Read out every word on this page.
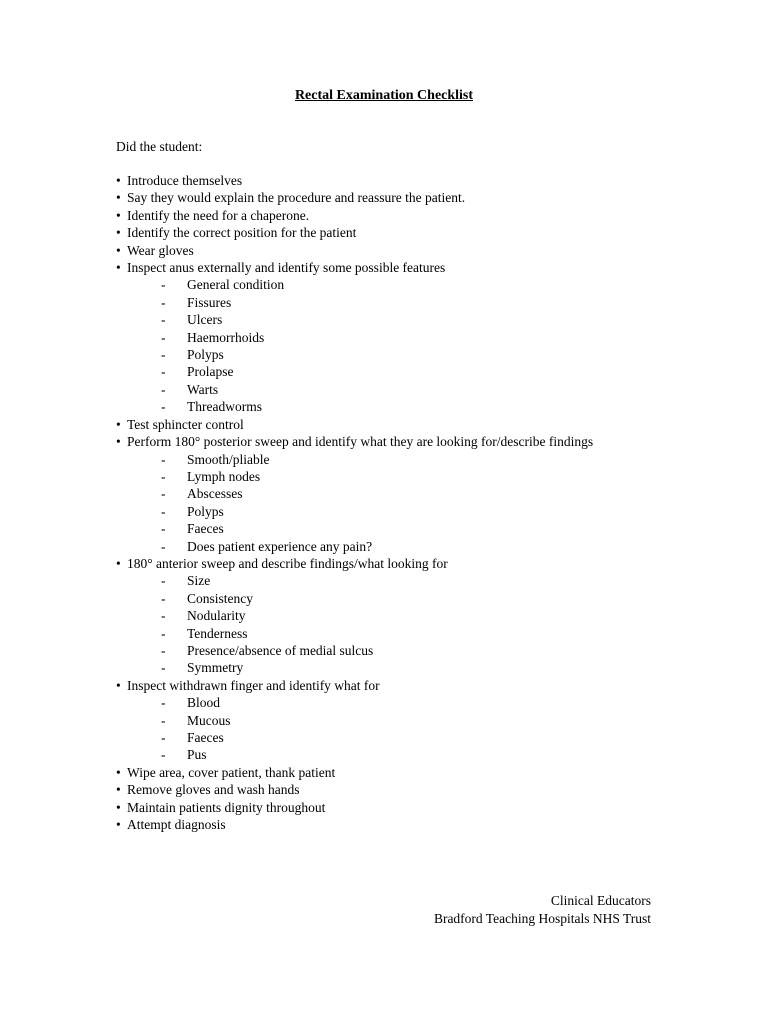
Rectal Examination Checklist
Did the student:
• Introduce themselves
• Say they would explain the procedure and reassure the patient.
• Identify the need for a chaperone.
• Identify the correct position for the patient
• Wear gloves
• Inspect anus externally and identify some possible features
- General condition
- Fissures
- Ulcers
- Haemorrhoids
- Polyps
- Prolapse
- Warts
- Threadworms
• Test sphincter control
• Perform 180° posterior sweep and identify what they are looking for/describe findings
- Smooth/pliable
- Lymph nodes
- Abscesses
- Polyps
- Faeces
- Does patient experience any pain?
• 180° anterior sweep and describe findings/what looking for
- Size
- Consistency
- Nodularity
- Tenderness
- Presence/absence of medial sulcus
- Symmetry
• Inspect withdrawn finger and identify what for
- Blood
- Mucous
- Faeces
- Pus
• Wipe area, cover patient, thank patient
• Remove gloves and wash hands
• Maintain patients dignity throughout
• Attempt diagnosis
Clinical Educators
Bradford Teaching Hospitals NHS Trust
